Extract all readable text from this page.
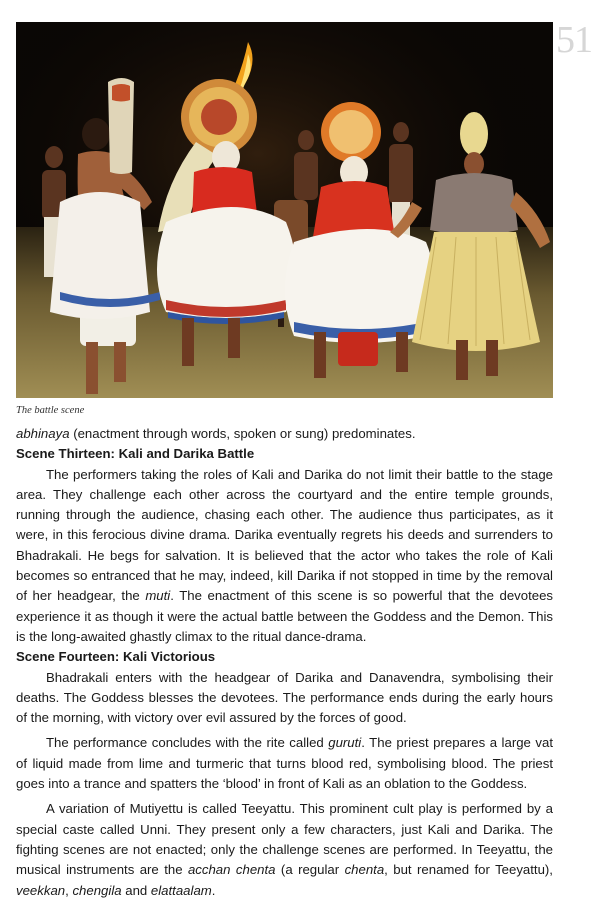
51
The battle scene

abhinaya (enactment through words, spoken or sung) predominates.

Scene Thirteen: Kali and Darika Battle

The performers taking the roles of Kali and Darika do not limit their battle to the stage area. They challenge each other across the courtyard and the entire temple grounds, running through the audience, chasing each other. The audience thus participates, as it were, in this ferocious divine drama. Darika eventually regrets his deeds and surrenders to Bhadrakali. He begs for salvation. It is believed that the actor who takes the role of Kali becomes so entranced that he may, indeed, kill Darika if not stopped in time by the removal of her headgear, the muti. The enactment of this scene is so powerful that the devotees experience it as though it were the actual battle between the Goddess and the Demon. This is the long-awaited ghastly climax to the ritual dance-drama.

Scene Fourteen: Kali Victorious

Bhadrakali enters with the headgear of Darika and Danavendra, symbolising their deaths. The Goddess blesses the devotees. The performance ends during the early hours of the morning, with victory over evil assured by the forces of good.

The performance concludes with the rite called guruti. The priest prepares a large vat of liquid made from lime and turmeric that turns blood red, symbolising blood. The priest goes into a trance and spatters the ‘blood’ in front of Kali as an oblation to the Goddess.

A variation of Mutiyettu is called Teeyattu. This prominent cult play is performed by a special caste called Unni. They present only a few characters, just Kali and Darika. The fighting scenes are not enacted; only the challenge scenes are performed. In Teeyattu, the musical instruments are the acchan chenta (a regular chenta, but renamed for Teeyattu), veekkan, chengila and elattaalam.
